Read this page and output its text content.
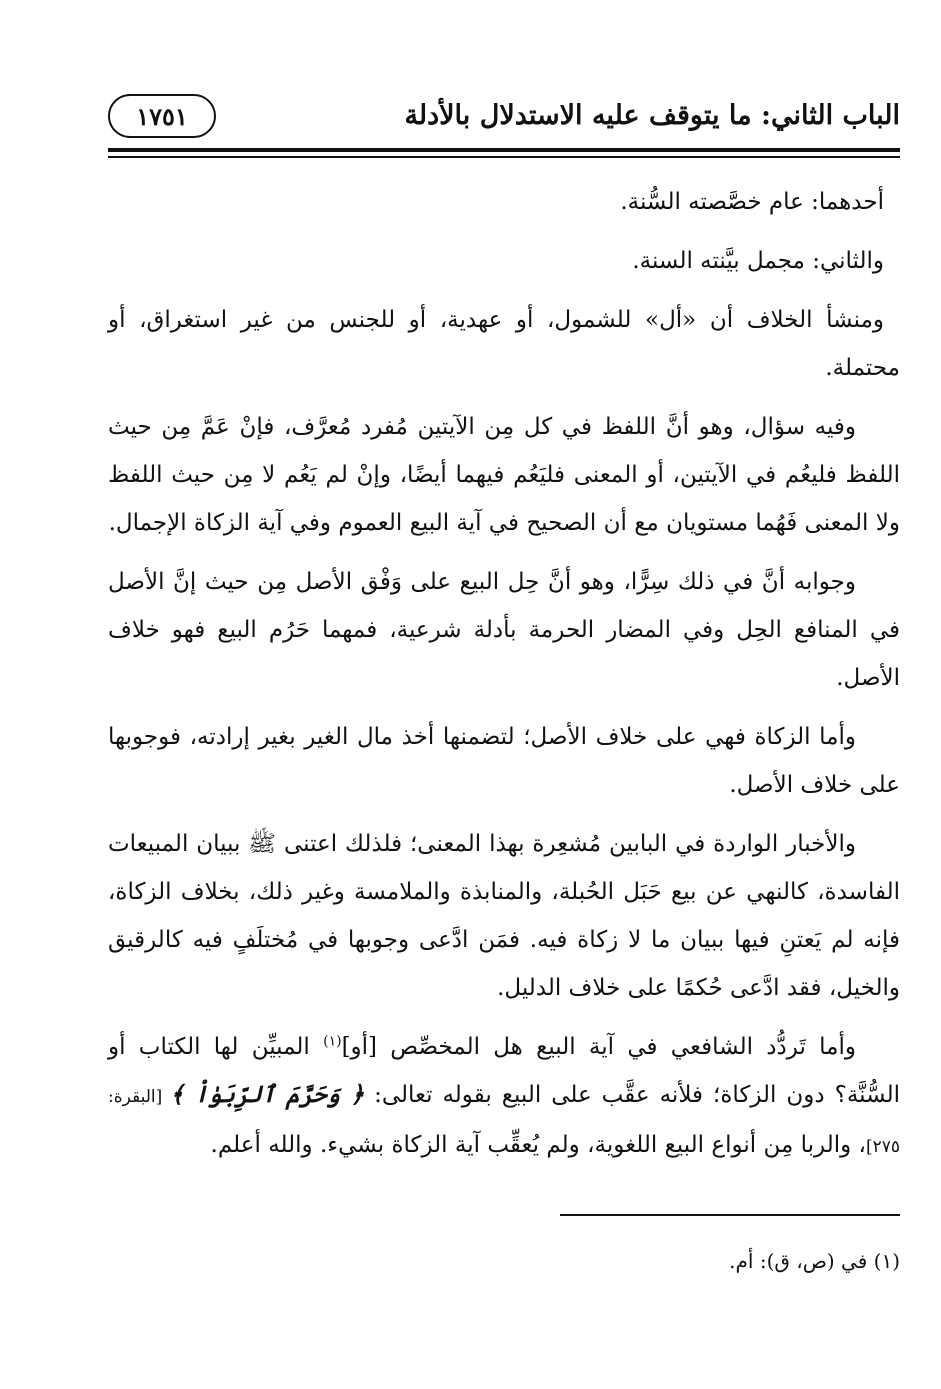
الباب الثاني: ما يتوقف عليه الاستدلال بالأدلة
١٧٥١

أحدهما: عام خصَّصته السُّنة.

والثاني: مجمل بيَّنته السنة.

ومنشأ الخلاف أن «أل» للشمول، أو عهدية، أو للجنس من غير استغراق، أو محتملة.

وفيه سؤال، وهو أنَّ اللفظ في كل مِن الآيتين مُفرد مُعرَّف، فإنْ عَمَّ مِن حيث اللفظ فليعُم في الآيتين، أو المعنى فليَعُم فيهما أيضًا، وإنْ لم يَعُم لا مِن حيث اللفظ ولا المعنى فَهُما مستويان مع أن الصحيح في آية البيع العموم وفي آية الزكاة الإجمال.

وجوابه أنَّ في ذلك سِرًّا، وهو أنَّ حِل البيع على وَفْق الأصل مِن حيث إنَّ الأصل في المنافع الحِل وفي المضار الحرمة بأدلة شرعية، فمهما حَرُم البيع فهو خلاف الأصل.

وأما الزكاة فهي على خلاف الأصل؛ لتضمنها أخذ مال الغير بغير إرادته، فوجوبها على خلاف الأصل.

والأخبار الواردة في البابين مُشعِرة بهذا المعنى؛ فلذلك اعتنى ﷺ ببيان المبيعات الفاسدة، كالنهي عن بيع حَبَل الحُبلة، والمنابذة والملامسة وغير ذلك، بخلاف الزكاة، فإنه لم يَعتنِ فيها ببيان ما لا زكاة فيه. فمَن ادَّعى وجوبها في مُختلَفٍ فيه كالرقيق والخيل، فقد ادَّعى حُكمًا على خلاف الدليل.

وأما تَردُّد الشافعي في آية البيع هل المخصِّص [أو]$^{(١)}$ المبيِّن لها الكتاب أو السُّنَّة؟ دون الزكاة؛ فلأنه عقَّب على البيع بقوله تعالى: ﴿ وَحَرَّمَ ٱلرِّبَوٰاْ ﴾ [البقرة: ٢٧٥]، والربا مِن أنواع البيع اللغوية، ولم يُعقِّب آية الزكاة بشيء. والله أعلم.

(١) في (ص، ق): أم.
